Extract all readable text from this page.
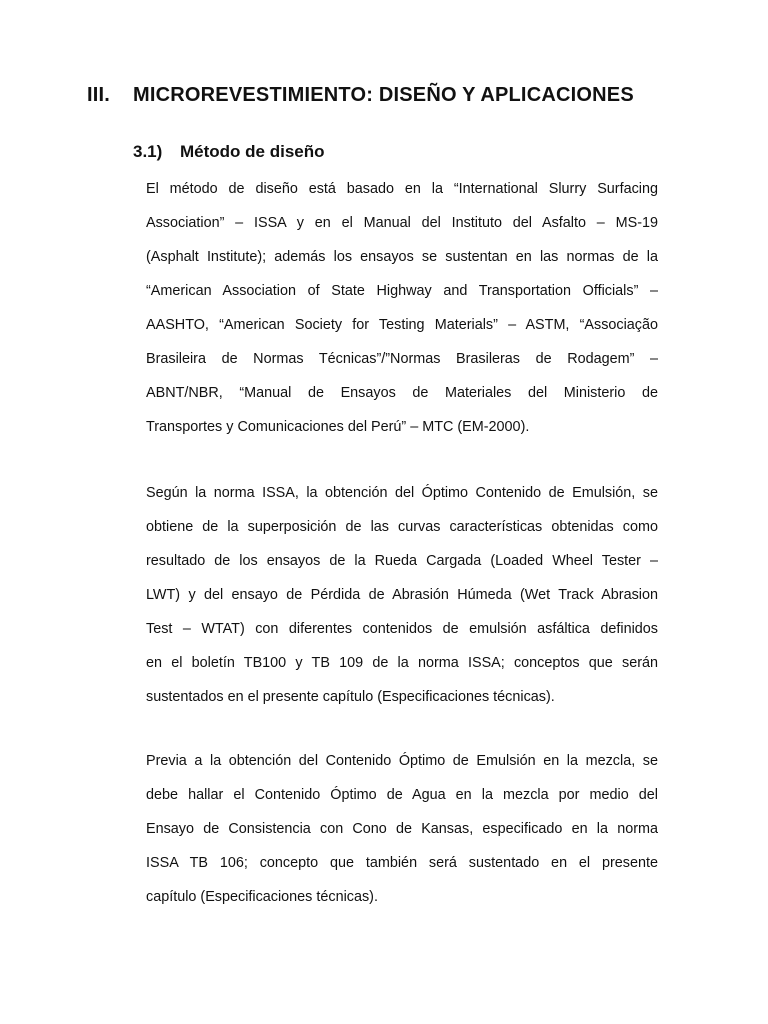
III. MICROREVESTIMIENTO: DISEÑO Y APLICACIONES
3.1) Método de diseño
El método de diseño está basado en la “International Slurry Surfacing
Association” – ISSA y en el Manual del Instituto del Asfalto – MS-19
(Asphalt Institute); además los ensayos se sustentan en las normas de la
“American Association of State Highway and Transportation Officials” –
AASHTO, “American Society for Testing Materials” – ASTM, “Associação
Brasileira de Normas Técnicas”/”Normas Brasileras de Rodagem” –
ABNT/NBR, “Manual de Ensayos de Materiales del Ministerio de
Transportes y Comunicaciones del Perú” – MTC (EM-2000).
Según la norma ISSA, la obtención del Óptimo Contenido de Emulsión, se
obtiene de la superposición de las curvas características obtenidas como
resultado de los ensayos de la Rueda Cargada (Loaded Wheel Tester –
LWT) y del ensayo de Pérdida de Abrasión Húmeda (Wet Track Abrasion
Test – WTAT) con diferentes contenidos de emulsión asfáltica definidos
en el boletín TB100 y TB 109 de la norma ISSA; conceptos que serán
sustentados en el presente capítulo (Especificaciones técnicas).
Previa a la obtención del Contenido Óptimo de Emulsión en la mezcla, se
debe hallar el Contenido Óptimo de Agua en la mezcla por medio del
Ensayo de Consistencia con Cono de Kansas, especificado en la norma
ISSA TB 106; concepto que también será sustentado en el presente
capítulo (Especificaciones técnicas).
